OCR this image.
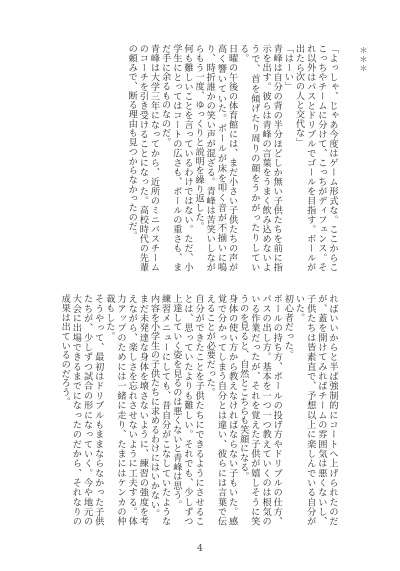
＊＊＊
「よっしゃ、じゃあ今度はゲーム形式な。ここからここっちやチームに分けて、こっちがディフェンス。それ以外はパスとドリブルでゴールを目指す。ボールが出たら次の人と交代な」
「はーい」
青峰は自分の背の半分ほどしか無い子供たちを前に指示を出す。彼らは青峰の言葉をうまく飲み込めないようで、首を傾げたり周りの顔をうかがったりしている。
日曜の午後の体育館には、まだ小さい子供たちの声が高く響いていた。ボールが床を叩く音が不揃いに鳴り、時折誰かの笑い声が混ざる。青峰は苦笑いしながらもう一度、ゆっくりと説明を繰り返した。
何も難しいことを言っているわけではない。ただ、小学生にとってはコートの広さも、ボールの重さも、まだ手に余るものなのだ。
青峰は大学三年になってから、近所のミニバスチームのコーチを引き受けることになった。高校時代の先輩の頼みで、断る理由も見つからなかったのだ。
ればいいからと半ば強制的にコートへ上げられたのだが、蓋を開けてみればチームの雰囲気は悪くないし、子供たちは皆素直で、予想以上に楽しんでいる自分がいた。
初心者だった。
ボールの持ち方、ボールの投げ方やドリブルの仕方、パスの出し方。基本を一つ一つ教えていくのは根気のいる作業だったが、それを覚えた子供が嬉しそうに笑うのを見ると、自然とこちらも笑顔になる。
身体の使い方から教えなければならない子もいた。感覚で分かってしまう自分とは違い、彼らには言葉で伝えることが必要だった。
自分ができたことを子供たちにできるようにさせることは、思っていたよりも難しい。それでも、少しずつ上達していく姿を見るのは悪くないと青峰は思う。
練習メニューにしても、昔自分がこなしていたような内容を小学生の子供たちに求めるわけにはいかない。
まだ未発達な身体を壊さないように、練習の強度を考えながら、楽しさを忘れさせないように工夫する。体力アップのためには一緒に走り、たまにはケンカの仲裁もした。
そうやって、最初はドリブルもままならなかった子供たちが、少しずつ試合の形になっていく。今や地元の大会に出場できるまでになったのだから、それなりの成果は出ているのだろう。
4
